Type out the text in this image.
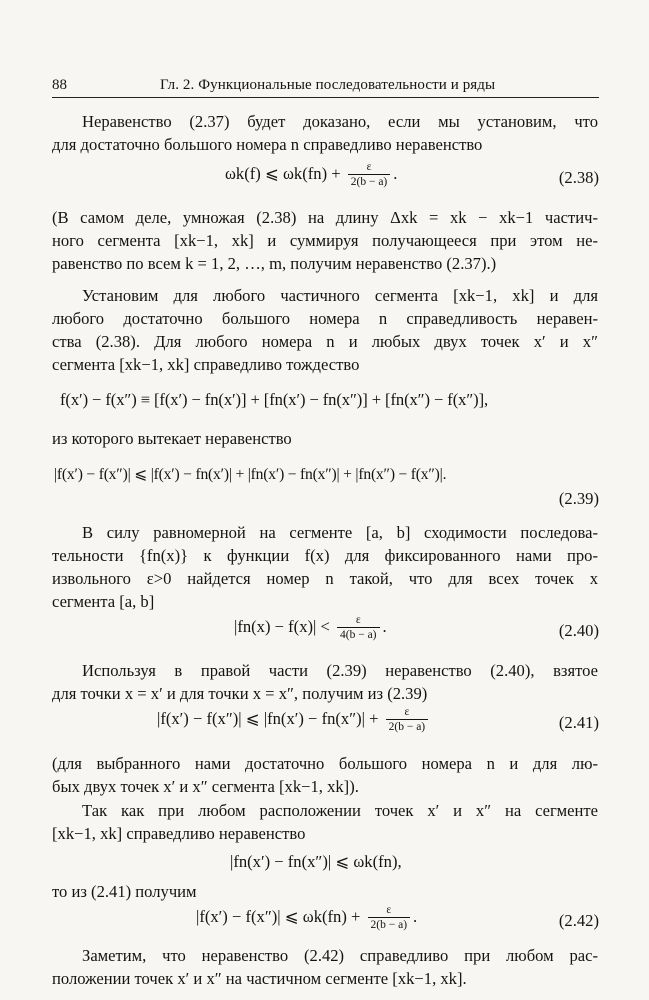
88	Гл. 2. Функциональные последовательности и ряды
Неравенство (2.37) будет доказано, если мы установим, что
для достаточно большого номера n справедливо неравенство
ωk(f) ⩽ $\omega k(fn) + \frac{\varepsilon}{2(b - a)}$ .	(2.38)
(В самом деле, умножая (2.38) на длину Δxk = xk − xk−1 частич-
ного сегмента [xk−1, xk] и суммируя получающееся при этом не-
равенство по всем k = 1, 2, …, m, получим неравенство (2.37).)
Установим для любого частичного сегмента [xk−1, xk] и для
любого достаточно большого номера n справедливость неравен-
ства (2.38). Для любого номера n и любых двух точек x′ и x″
сегмента [xk−1, xk] справедливо тождество
f(x′) − f(x″) ≡ [f(x′) − fn(x′)] + [fn(x′) − fn(x″)] + [fn(x″) − f(x″)],
из которого вытекает неравенство
|f(x′) − f(x″)| ⩽ |f(x′) − fn(x′)| + |fn(x′) − fn(x″)| + |fn(x″) − f(x″)|.
(2.39)
В силу равномерной на сегменте [a, b] сходимости последова-
тельности {fn(x)} к функции f(x) для фиксированного нами про-
извольного ε>0 найдется номер n такой, что для всех точек x
сегмента [a, b]
$|fn(x) - f(x)| < \frac{\varepsilon}{4(b - a)}$ .	(2.40)
Используя в правой части (2.39) неравенство (2.40), взятое
для точки x = x′ и для точки x = x″, получим из (2.39)
|f(x′) − f(x″)| ⩽ $|fn(x') - fn(x'')| + \frac{\varepsilon}{2(b - a)}$	(2.41)
(для выбранного нами достаточно большого номера n и для лю-
бых двух точек x′ и x″ сегмента [xk−1, xk]).
Так как при любом расположении точек x′ и x″ на сегменте
[xk−1, xk] справедливо неравенство
|fn(x′) − fn(x″)| ⩽ ωk(fn),
то из (2.41) получим
|f(x′) − f(x″)| ⩽ $\omega k(fn) + \frac{\varepsilon}{2(b - a)}$ .	(2.42)
Заметим, что неравенство (2.42) справедливо при любом рас-
положении точек x′ и x″ на частичном сегменте [xk−1, xk].
